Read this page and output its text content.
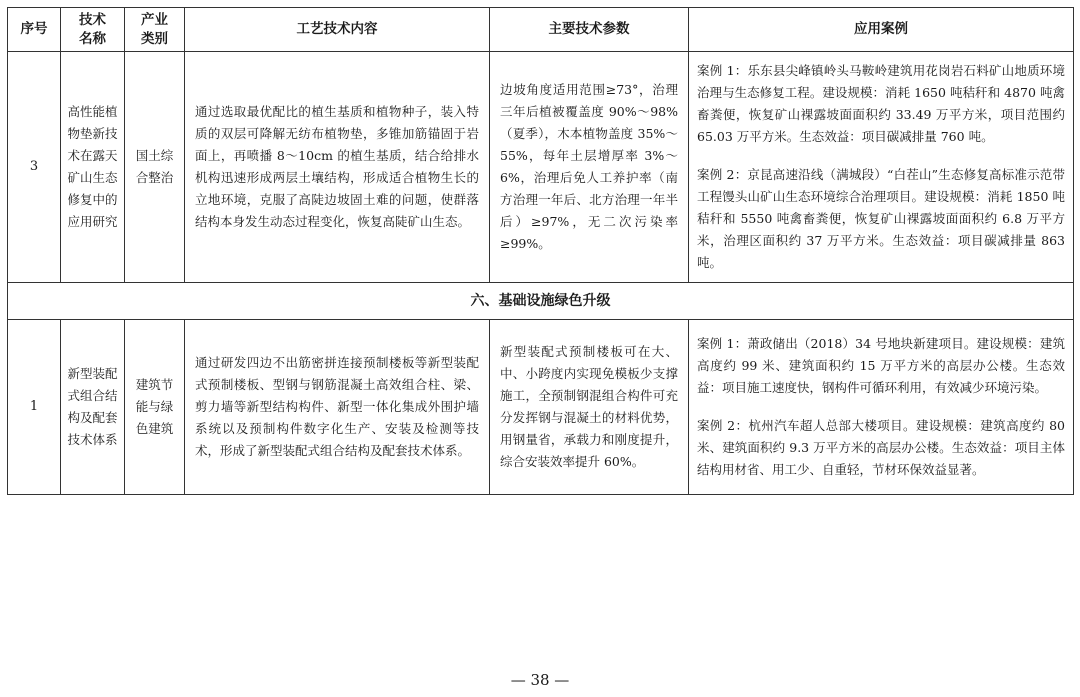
序号	技术名称	产业类别	工艺技术内容	主要技术参数	应用案例
3	高性能植物垫新技术在露天矿山生态修复中的应用研究	国土综合整治	通过选取最优配比的植生基质和植物种子，装入特质的双层可降解无纺布植物垫，多锥加筋锚固于岩面上，再喷播 8～10cm 的植生基质，结合给排水机构迅速形成两层土壤结构，形成适合植物生长的立地环境，克服了高陡边坡固土难的问题，使群落结构本身发生动态过程变化，恢复高陡矿山生态。	边坡角度适用范围≥73°，治理三年后植被覆盖度 90%～98%（夏季），木本植物盖度 35%～55%，每年土层增厚率 3%～6%，治理后免人工养护率（南方治理一年后、北方治理一年半后）≥97%，无二次污染率≥99%。	案例 1：乐东县尖峰镇岭头马鞍岭建筑用花岗岩石料矿山地质环境治理与生态修复工程。建设规模：消耗 1650 吨秸秆和 4870 吨禽畜粪便，恢复矿山裸露坡面面积约 33.49 万平方米，项目范围约 65.03 万平方米。生态效益：项目碳减排量 760 吨。

案例 2：京昆高速沿线（满城段）“白茬山”生态修复高标准示范带工程馒头山矿山生态环境综合治理项目。建设规模：消耗 1850 吨秸秆和 5550 吨禽畜粪便，恢复矿山裸露坡面面积约 6.8 万平方米，治理区面积约 37 万平方米。生态效益：项目碳减排量 863 吨。

六、基础设施绿色升级					
1	新型装配式组合结构及配套技术体系	建筑节能与绿色建筑	通过研发四边不出筋密拼连接预制楼板等新型装配式预制楼板、型钢与钢筋混凝土高效组合柱、梁、剪力墙等新型结构构件、新型一体化集成外围护墙系统以及预制构件数字化生产、安装及检测等技术，形成了新型装配式组合结构及配套技术体系。	新型装配式预制楼板可在大、中、小跨度内实现免模板少支撑施工，全预制钢混组合构件可充分发挥钢与混凝土的材料优势，用钢量省，承载力和刚度提升，综合安装效率提升 60%。	案例 1：萧政储出（2018）34 号地块新建项目。建设规模：建筑高度约 99 米、建筑面积约 15 万平方米的高层办公楼。生态效益：项目施工速度快，钢构件可循环利用，有效减少环境污染。

案例 2：杭州汽车超人总部大楼项目。建设规模：建筑高度约 80 米、建筑面积约 9.3 万平方米的高层办公楼。生态效益：项目主体结构用材省、用工少、自重轻，节材环保效益显著。

— 38 —
